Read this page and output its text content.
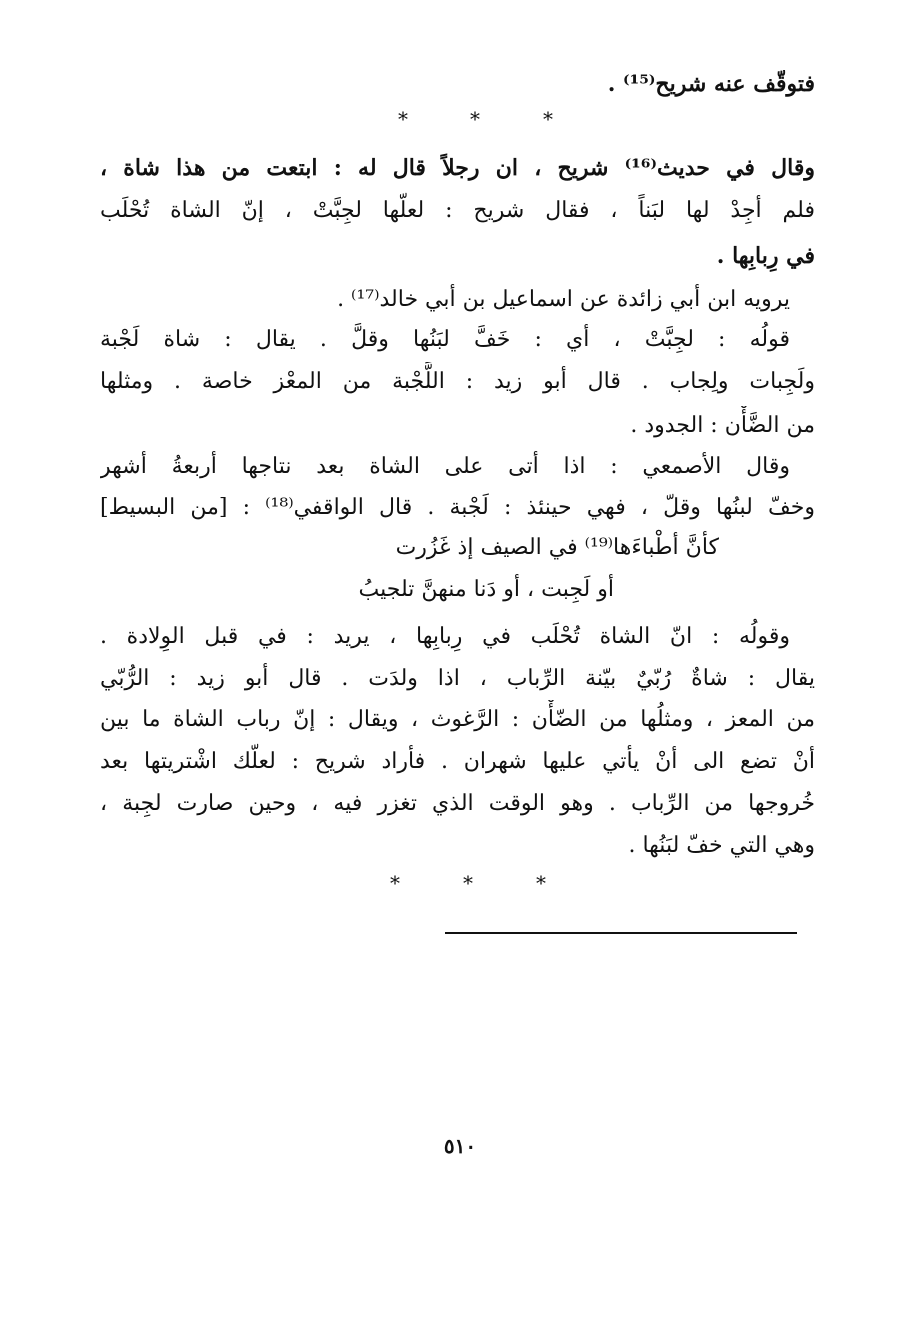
فتوقّف عنه شريح⁽¹⁵⁾ .
*	*	*
وقال في حديث⁽¹⁶⁾ شريح ، ان رجلاً قال له : ابتعت من هذا شاة ،
فلم أجِدْ لها لبَناً ، فقال شريح : لعلّها لجِبَّتْ ، إنّ الشاة تُحْلَب
في رِبابِها .
يرويه ابن أبي زائدة عن اسماعيل بن أبي خالد⁽¹⁷⁾ .
قولُه : لجِبَّتْ ، أي : خَفَّ لبَنُها وقلَّ . يقال : شاة لَجْبة
ولَجِبات ولِجاب . قال أبو زيد : اللَّجْبة من المعْز خاصة . ومثلها
من الضَّأْن : الجدود .
وقال الأصمعي : اذا أتى على الشاة بعد نتاجها أربعةُ أشهر
وخفّ لبنُها وقلّ ، فهي حينئذ : لَجْبة . قال الواقفي⁽¹⁸⁾ : [من البسيط]
كأنَّ أطْباءَها⁽¹⁹⁾ في الصيف إذ غَزُرت
أو لَجِبت ، أو دَنا منهنَّ تلجيبُ
وقولُه : انّ الشاة تُحْلَب في رِبابِها ، يريد : في قبل الوِلادة .
يقال : شاةٌ رُبّيٌ بيّنة الرِّباب ، اذا ولدَت . قال أبو زيد : الرُّبّي
من المعز ، ومثلُها من الضّأْن : الرَّغوث ، ويقال : إنّ رباب الشاة ما بين
أنْ تضع الى أنْ يأتي عليها شهران . فأراد شريح : لعلّك اشْتريتها بعد
خُروجها من الرِّباب . وهو الوقت الذي تغزر فيه ، وحين صارت لجِبة ،
وهي التي خفّ لبَنُها .
*	*	*
٥١٠
